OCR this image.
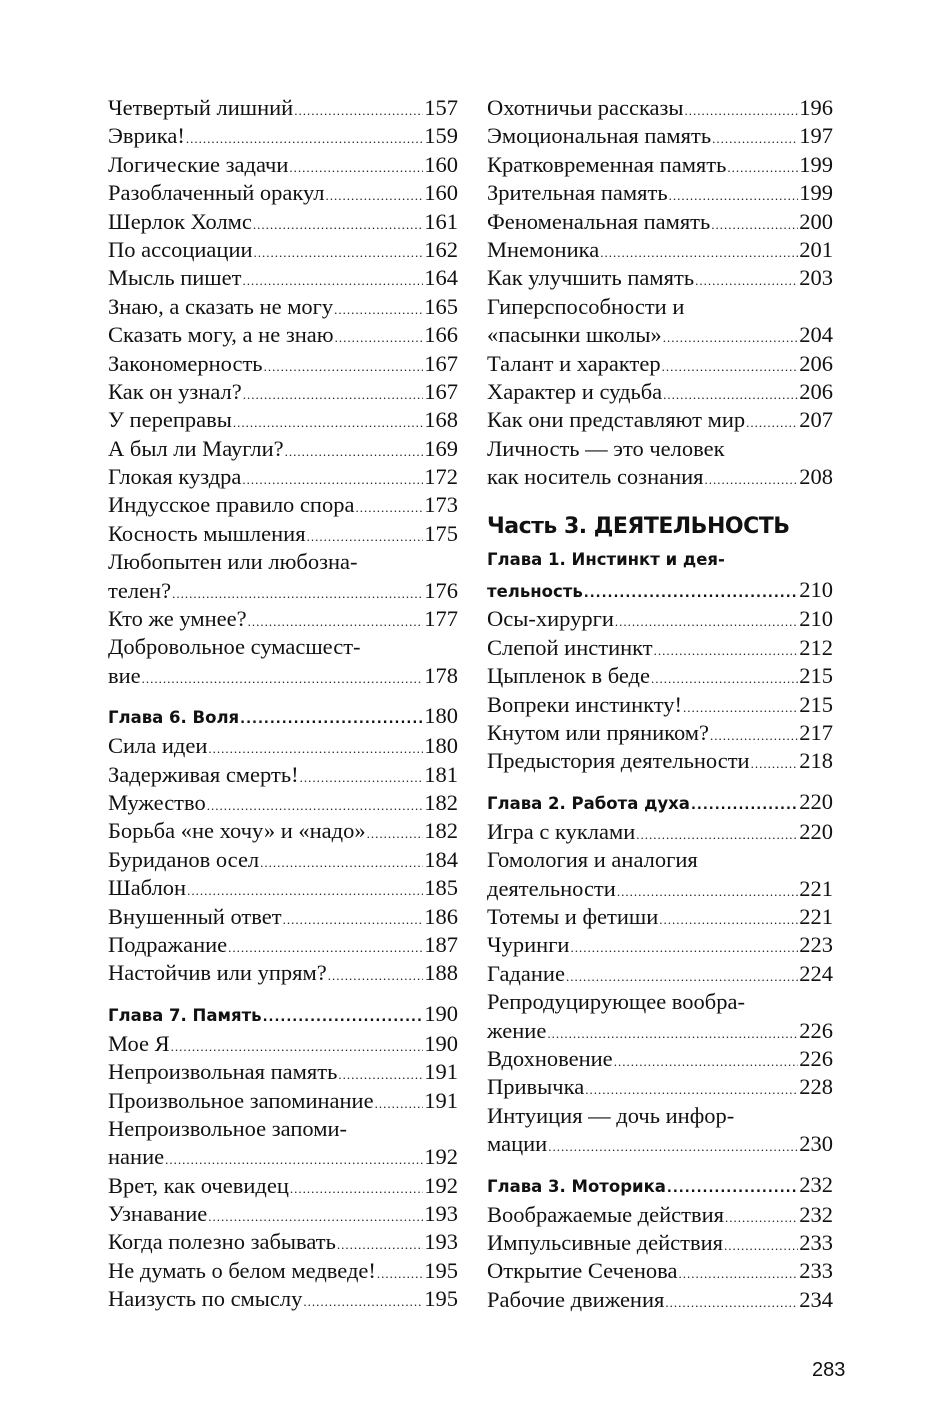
Четвертый лишний .....	157
Эврика! .....	159
Логические задачи .....	160
Разоблаченный оракул .....	160
Шерлок Холмс .....	161
По ассоциации .....	162
Мысль пишет .....	164
Знаю, а сказать не могу .....	165
Сказать могу, а не знаю .....	166
Закономерность .....	167
Как он узнал? .....	167
У переправы .....	168
А был ли Маугли? .....	169
Глокая куздра .....	172
Индусское правило спора .....	173
Косность мышления .....	175
Любопытен или любозна-
телен? .....	176
Кто же умнее? .....	177
Добровольное сумасшест-
вие .....	178
Глава 6. Воля .....	180
Сила идеи .....	180
Задерживая смерть! .....	181
Мужество .....	182
Борьба «не хочу» и «надо» .....	182
Буриданов осел .....	184
Шаблон .....	185
Внушенный ответ .....	186
Подражание .....	187
Настойчив или упрям? .....	188
Глава 7. Память .....	190
Мое Я .....	190
Непроизвольная память .....	191
Произвольное запоминание ..... 191
Непроизвольное запоми-
нание .....	192
Врет, как очевидец .....	192
Узнавание .....	193
Когда полезно забывать .....	193
Не думать о белом медведе! ..... 195
Наизусть по смыслу .....	195
Охотничьи рассказы .....	196
Эмоциональная память .....	197
Кратковременная память .....	199
Зрительная память .....	199
Феноменальная память .....	200
Мнемоника .....	201
Как улучшить память .....	203
Гиперспособности и
«пасынки школы» .....	204
Талант и характер .....	206
Характер и судьба .....	206
Как они представляют мир ..... 207
Личность — это человек
как носитель сознания .....	208
Часть 3. ДЕЯТЕЛЬНОСТЬ
Глава 1. Инстинкт и дея-
тельность .....	210
Осы-хирурги .....	210
Слепой инстинкт .....	212
Цыпленок в беде .....	215
Вопреки инстинкту! .....	215
Кнутом или пряником? .....	217
Предыстория деятельности ..... 218
Глава 2. Работа духа .....	220
Игра с куклами .....	220
Гомология и аналогия
деятельности .....	221
Тотемы и фетиши .....	221
Чуринги .....	223
Гадание .....	224
Репродуцирующее вообра-
жение .....	226
Вдохновение .....	226
Привычка .....	228
Интуиция — дочь инфор-
мации .....	230
Глава 3. Моторика .....	232
Воображаемые действия .....	232
Импульсивные действия .....	233
Открытие Сеченова .....	233
Рабочие движения .....	234
283
